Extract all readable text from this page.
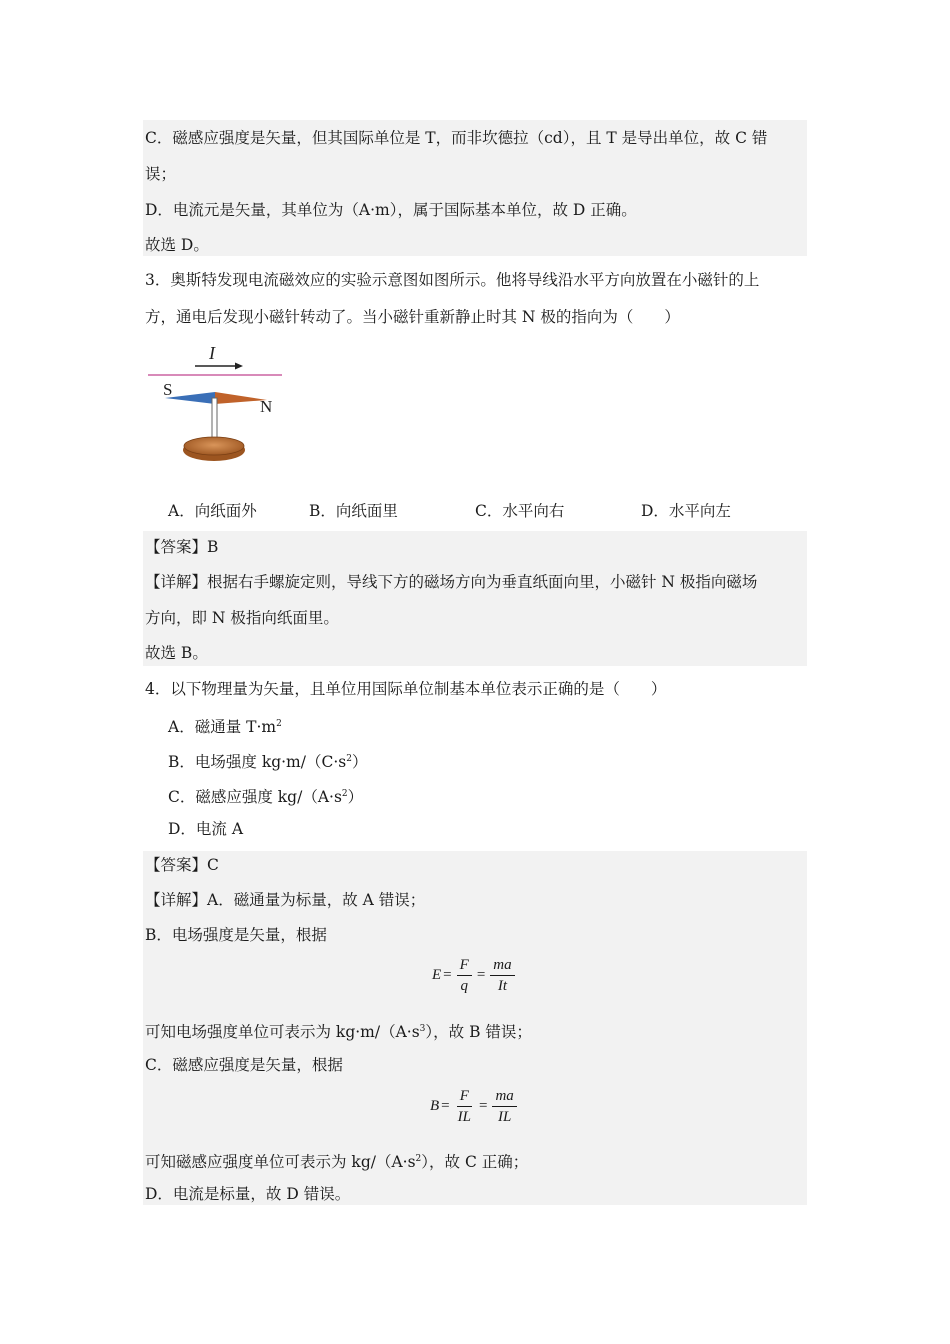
C．磁感应强度是矢量，但其国际单位是 T，而非坎德拉（cd），且 T 是导出单位，故 C 错
误；
D．电流元是矢量，其单位为（A·m），属于国际基本单位，故 D 正确。
故选 D。
3．奥斯特发现电流磁效应的实验示意图如图所示。他将导线沿水平方向放置在小磁针的上
方，通电后发现小磁针转动了。当小磁针重新静止时其 N 极的指向为（　　）
I
S
N
A．向纸面外	B．向纸面里	C．水平向右	D．水平向左
【答案】B
【详解】根据右手螺旋定则，导线下方的磁场方向为垂直纸面向里，小磁针 N 极指向磁场
方向，即 N 极指向纸面里。
故选 B。
4．以下物理量为矢量，且单位用国际单位制基本单位表示正确的是（　　）
A．磁通量 $T\cdot m^2$
B．电场强度 $kg\cdot m/(C\cdot s^2)$
C．磁感应强度 $kg/(A\cdot s^2)$
D．电流 A
【答案】C
【详解】A．磁通量为标量，故 A 错误；
B．电场强度是矢量，根据
$E = \frac{F}{q} = \frac{ma}{It}$
可知电场强度单位可表示为 $kg\cdot m/(A\cdot s^3)$，故 B 错误；
C．磁感应强度是矢量，根据
$B = \frac{F}{IL} = \frac{ma}{IL}$
可知磁感应强度单位可表示为 $kg/(A\cdot s^2)$，故 C 正确；
D．电流是标量，故 D 错误。
